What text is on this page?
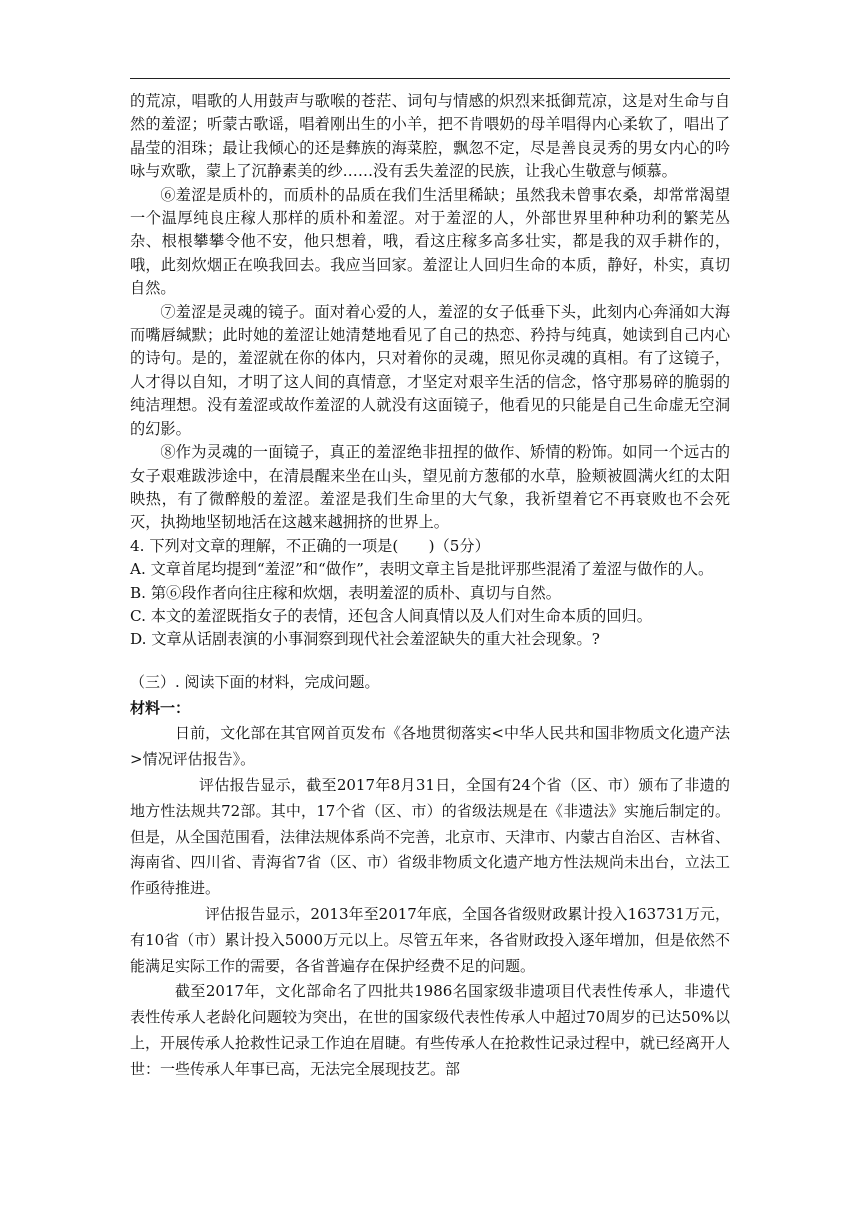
的荒凉，唱歌的人用鼓声与歌喉的苍茫、词句与情感的炽烈来抵御荒凉，这是对生命与自然的羞涩；听蒙古歌谣，唱着刚出生的小羊，把不肯喂奶的母羊唱得内心柔软了，唱出了晶莹的泪珠；最让我倾心的还是彝族的海菜腔，飘忽不定，尽是善良灵秀的男女内心的吟咏与欢歌，蒙上了沉静素美的纱……没有丢失羞涩的民族，让我心生敬意与倾慕。

⑥羞涩是质朴的，而质朴的品质在我们生活里稀缺；虽然我未曾事农桑，却常常渴望一个温厚纯良庄稼人那样的质朴和羞涩。对于羞涩的人，外部世界里种种功利的繁芜丛杂、根根攀攀令他不安，他只想着，哦，看这庄稼多高多壮实，都是我的双手耕作的，哦，此刻炊烟正在唤我回去。我应当回家。羞涩让人回归生命的本质，静好，朴实，真切自然。

⑦羞涩是灵魂的镜子。面对着心爱的人，羞涩的女子低垂下头，此刻内心奔涌如大海而嘴唇缄默；此时她的羞涩让她清楚地看见了自己的热恋、矜持与纯真，她读到自己内心的诗句。是的，羞涩就在你的体内，只对着你的灵魂，照见你灵魂的真相。有了这镜子，人才得以自知，才明了这人间的真情意，才坚定对艰辛生活的信念，恪守那易碎的脆弱的纯洁理想。没有羞涩或故作羞涩的人就没有这面镜子，他看见的只能是自己生命虚无空洞的幻影。

⑧作为灵魂的一面镜子，真正的羞涩绝非扭捏的做作、矫情的粉饰。如同一个远古的女子艰难跋涉途中，在清晨醒来坐在山头，望见前方葱郁的水草，脸颊被圆满火红的太阳映热，有了微醉般的羞涩。羞涩是我们生命里的大气象，我祈望着它不再衰败也不会死灭，执拗地坚韧地活在这越来越拥挤的世界上。

4. 下列对文章的理解，不正确的一项是(　　)（5分）

A. 文章首尾均提到“羞涩”和“做作”，表明文章主旨是批评那些混淆了羞涩与做作的人。

B. 第⑥段作者向往庄稼和炊烟，表明羞涩的质朴、真切与自然。

C. 本文的羞涩既指女子的表情，还包含人间真情以及人们对生命本质的回归。

D. 文章从话剧表演的小事洞察到现代社会羞涩缺失的重大社会现象。?

（三）. 阅读下面的材料，完成问题。

材料一：

日前，文化部在其官网首页发布《各地贯彻落实<中华人民共和国非物质文化遗产法>情况评估报告》。

评估报告显示，截至2017年8月31日，全国有24个省（区、市）颁布了非遗的地方性法规共72部。其中，17个省（区、市）的省级法规是在《非遗法》实施后制定的。但是，从全国范围看，法律法规体系尚不完善，北京市、天津市、内蒙古自治区、吉林省、海南省、四川省、青海省7省（区、市）省级非物质文化遗产地方性法规尚未出台，立法工作亟待推进。

评估报告显示，2013年至2017年底，全国各省级财政累计投入163731万元，有10省（市）累计投入5000万元以上。尽管五年来，各省财政投入逐年增加，但是依然不能满足实际工作的需要，各省普遍存在保护经费不足的问题。

截至2017年，文化部命名了四批共1986名国家级非遗项目代表性传承人，非遗代表性传承人老龄化问题较为突出，在世的国家级代表性传承人中超过70周岁的已达50%以上，开展传承人抢救性记录工作迫在眉睫。有些传承人在抢救性记录过程中，就已经离开人世：一些传承人年事已高，无法完全展现技艺。部
